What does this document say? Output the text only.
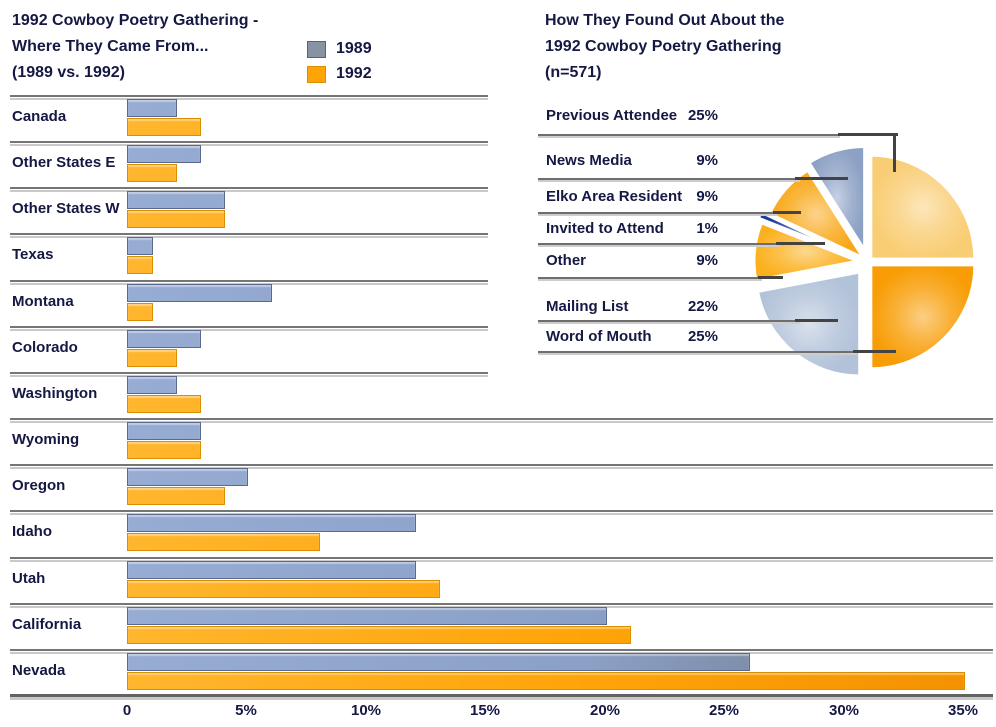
1992 Cowboy Poetry Gathering -
Where They Came From...
(1989 vs. 1992)
1989
1992
Canada
Other States E
Other States W
Texas
Montana
Colorado
Washington
Wyoming
Oregon
Idaho
Utah
California
Nevada
0	5%	10%	15%	20%	25%	30%	35%
How They Found Out About the
1992 Cowboy Poetry Gathering
(n=571)
Previous Attendee 25%
News Media	9%
Elko Area Resident 9%
Invited to Attend 1%
Other	9%
Mailing List	22%
Word of Mouth 25%
